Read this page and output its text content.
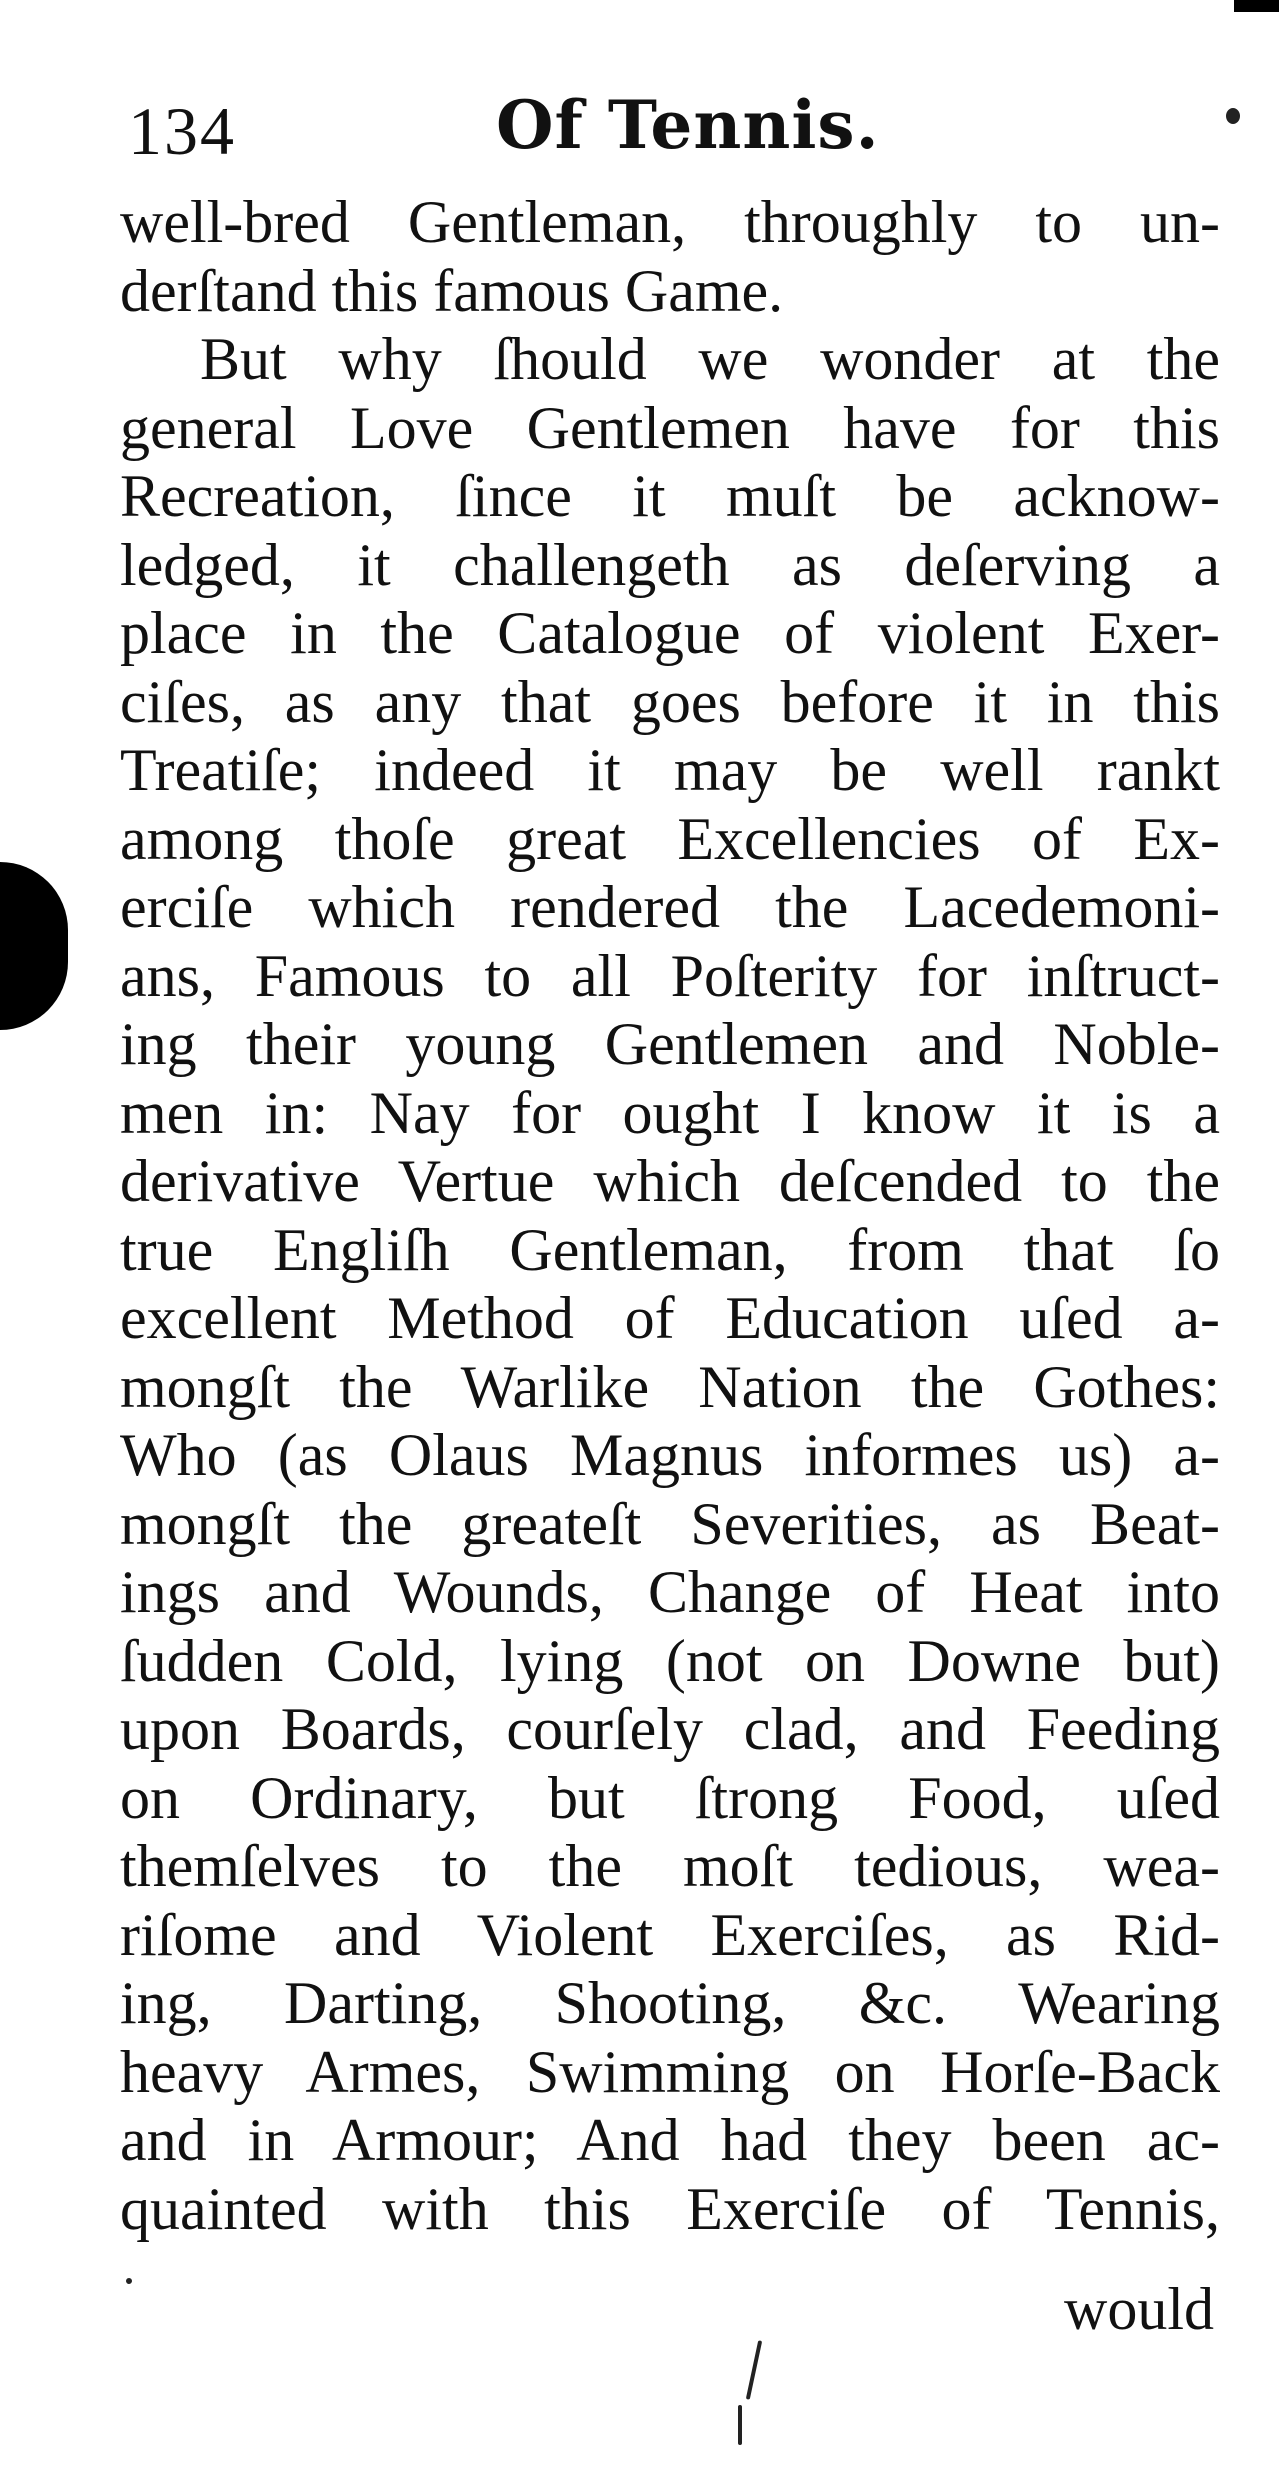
134	Of Tennis.
well-bred Gentleman, throughly to un-
derſtand this famous Game.
But why ſhould we wonder at the
general Love Gentlemen have for this
Recreation, ſince it muſt be acknow-
ledged, it challengeth as deſerving a
place in the Catalogue of violent Exer-
ciſes, as any that goes before it in this
Treatiſe; indeed it may be well rankt
among thoſe great Excellencies of Ex-
erciſe which rendered the Lacedemoni-
ans, Famous to all Poſterity for inſtruct-
ing their young Gentlemen and Noble-
men in: Nay for ought I know it is a
derivative Vertue which deſcended to the
true Engliſh Gentleman, from that ſo
excellent Method of Education uſed a-
mongſt the Warlike Nation the Gothes:
Who (as Olaus Magnus informes us) a-
mongſt the greateſt Severities, as Beat-
ings and Wounds, Change of Heat into
ſudden Cold, lying (not on Downe but)
upon Boards, courſely clad, and Feeding
on Ordinary, but ſtrong Food, uſed
themſelves to the moſt tedious, wea-
riſome and Violent Exerciſes, as Rid-
ing, Darting, Shooting, &c. Wearing
heavy Armes, Swimming on Horſe-Back
and in Armour; And had they been ac-
quainted with this Exerciſe of Tennis,
would
